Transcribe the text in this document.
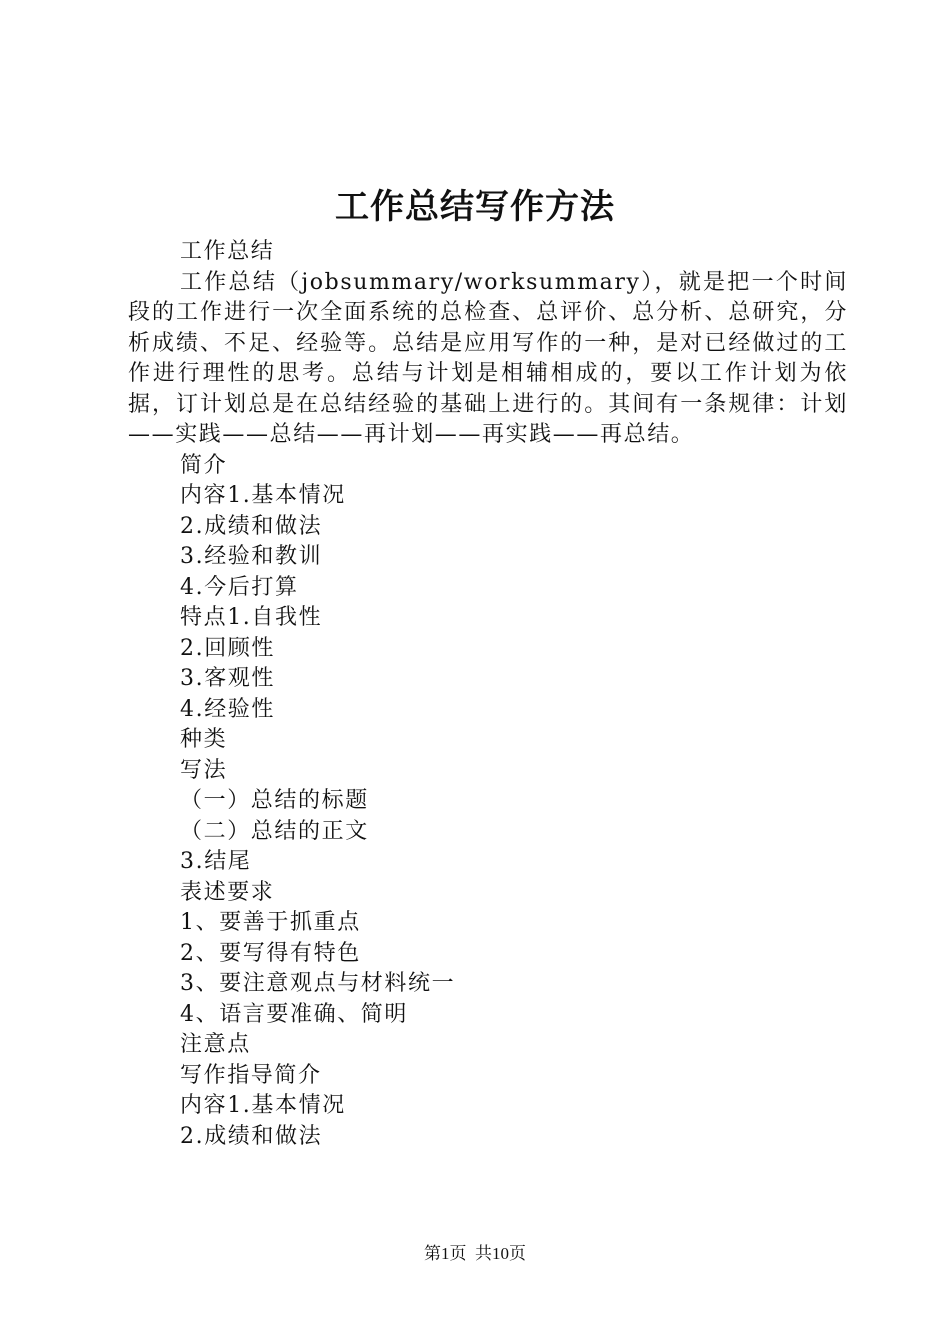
工作总结写作方法

工作总结

工作总结（jobsummary/worksummary），就是把一个时间段的工作进行一次全面系统的总检查、总评价、总分析、总研究，分析成绩、不足、经验等。总结是应用写作的一种，是对已经做过的工作进行理性的思考。总结与计划是相辅相成的，要以工作计划为依据，订计划总是在总结经验的基础上进行的。其间有一条规律：计划——实践——总结——再计划——再实践——再总结。

简介

内容1.基本情况

2.成绩和做法

3.经验和教训

4.今后打算

特点1.自我性

2.回顾性

3.客观性

4.经验性

种类

写法

（一）总结的标题

（二）总结的正文

3.结尾

表述要求

1、要善于抓重点

2、要写得有特色

3、要注意观点与材料统一

4、语言要准确、简明

注意点

写作指导简介

内容1.基本情况

2.成绩和做法

第1页 共10页
